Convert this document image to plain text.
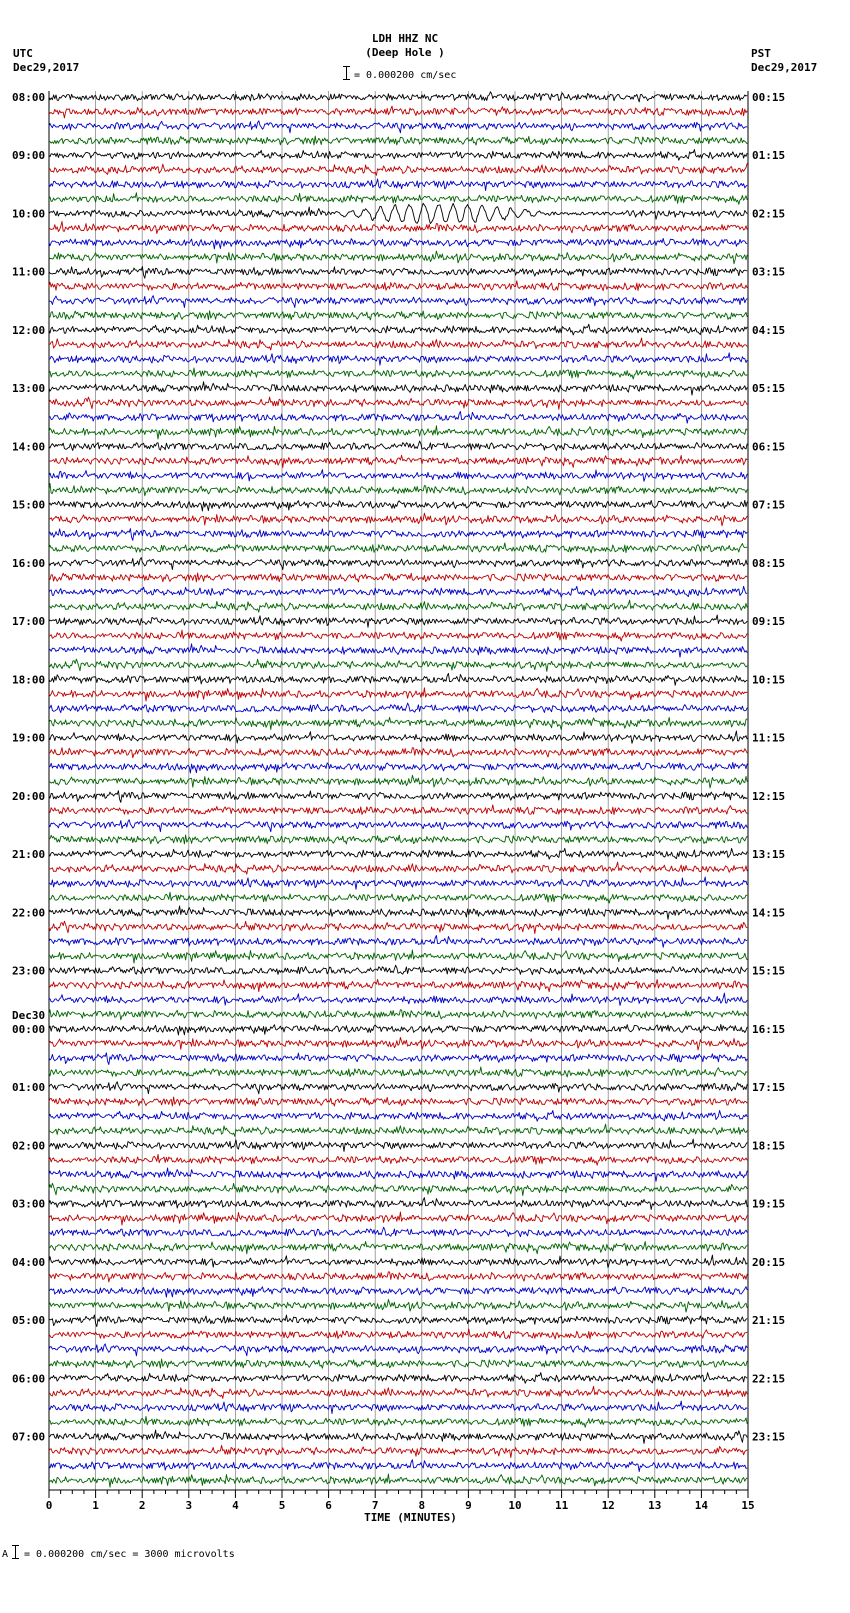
LDH HHZ NC
(Deep Hole )
UTC
Dec29,2017
PST
Dec29,2017
= 0.000200 cm/sec
08:00
09:00
10:00
11:00
12:00
13:00
14:00
15:00
16:00
17:00
18:00
19:00
20:00
21:00
22:00
23:00
00:00
01:00
02:00
03:00
04:00
05:00
06:00
07:00
Dec30
00:15
01:15
02:15
03:15
04:15
05:15
06:15
07:15
08:15
09:15
10:15
11:15
12:15
13:15
14:15
15:15
16:15
17:15
18:15
19:15
20:15
21:15
22:15
23:15
0	1	2	3	4	5	6	7	8	9	10	11	12	13	14	15
TIME (MINUTES)
A = 0.000200 cm/sec = 3000 microvolts
